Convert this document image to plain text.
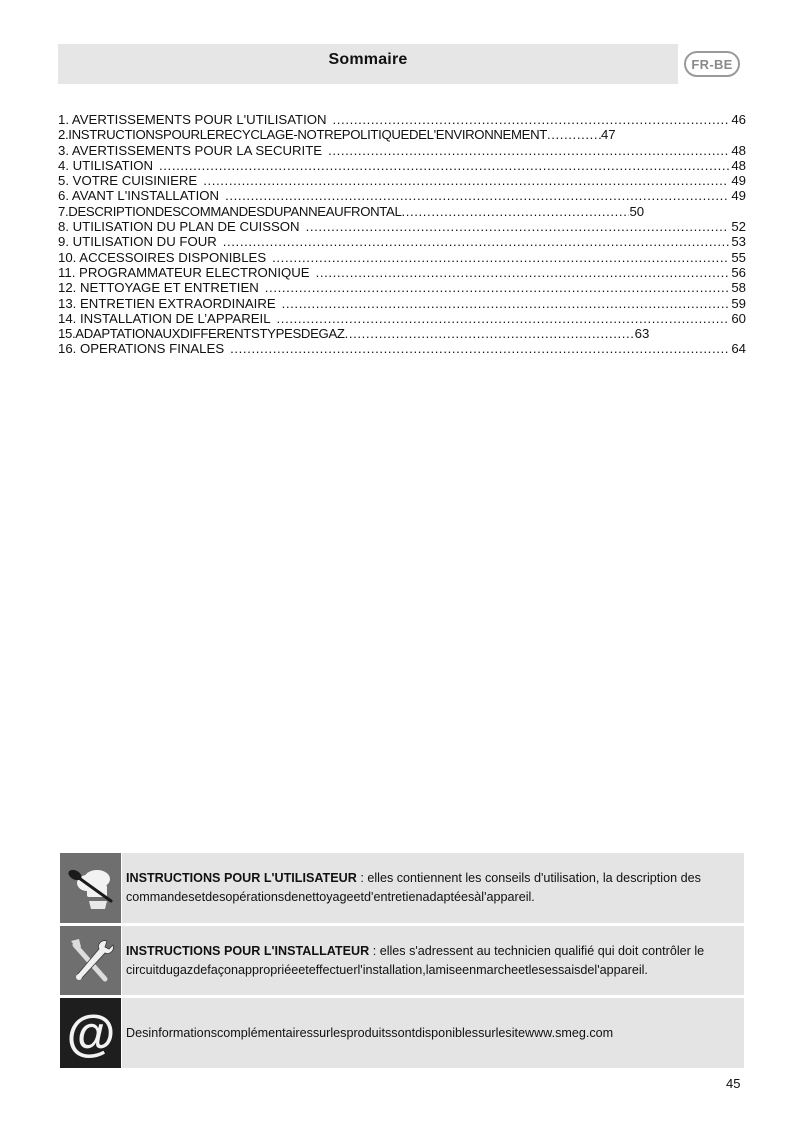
Sommaire	FR-BE
1. AVERTISSEMENTS POUR L'UTILISATION .....	46
2.INSTRUCTIONSPOURLERECYCLAGE-NOTREPOLITIQUEDEL'ENVIRONNEMENT .....	47
3. AVERTISSEMENTS POUR LA SECURITE .....	48
4. UTILISATION .....	48
5. VOTRE CUISINIERE .....	49
6. AVANT L'INSTALLATION .....	49
7.DESCRIPTIONDESCOMMANDESDUPANNEAUFRONTAL .....	50
8. UTILISATION DU PLAN DE CUISSON .....	52
9. UTILISATION DU FOUR .....	53
10. ACCESSOIRES DISPONIBLES .....	55
11. PROGRAMMATEUR ELECTRONIQUE .....	56
12. NETTOYAGE ET ENTRETIEN .....	58
13. ENTRETIEN EXTRAORDINAIRE .....	59
14. INSTALLATION DE L’APPAREIL .....	60
15.ADAPTATIONAUXDIFFERENTSTYPESDEGAZ .....	63
16. OPERATIONS FINALES .....	64
INSTRUCTIONS POUR L'UTILISATEUR : elles contiennent les conseils d'utilisation, la description des commandesetdesopérationsdenettoyageetd'entretienadaptéesàl'appareil.
INSTRUCTIONS POUR L'INSTALLATEUR : elles s'adressent au technicien qualifié qui doit contrôler le circuitdugazdefaçonappropriéeeteffectuerl'installation,lamiseenmarcheetlesessaisdel'appareil.
@ Desinformationscomplémentairessurlesproduitssontdisponiblessurlesitewww.smeg.com
45
